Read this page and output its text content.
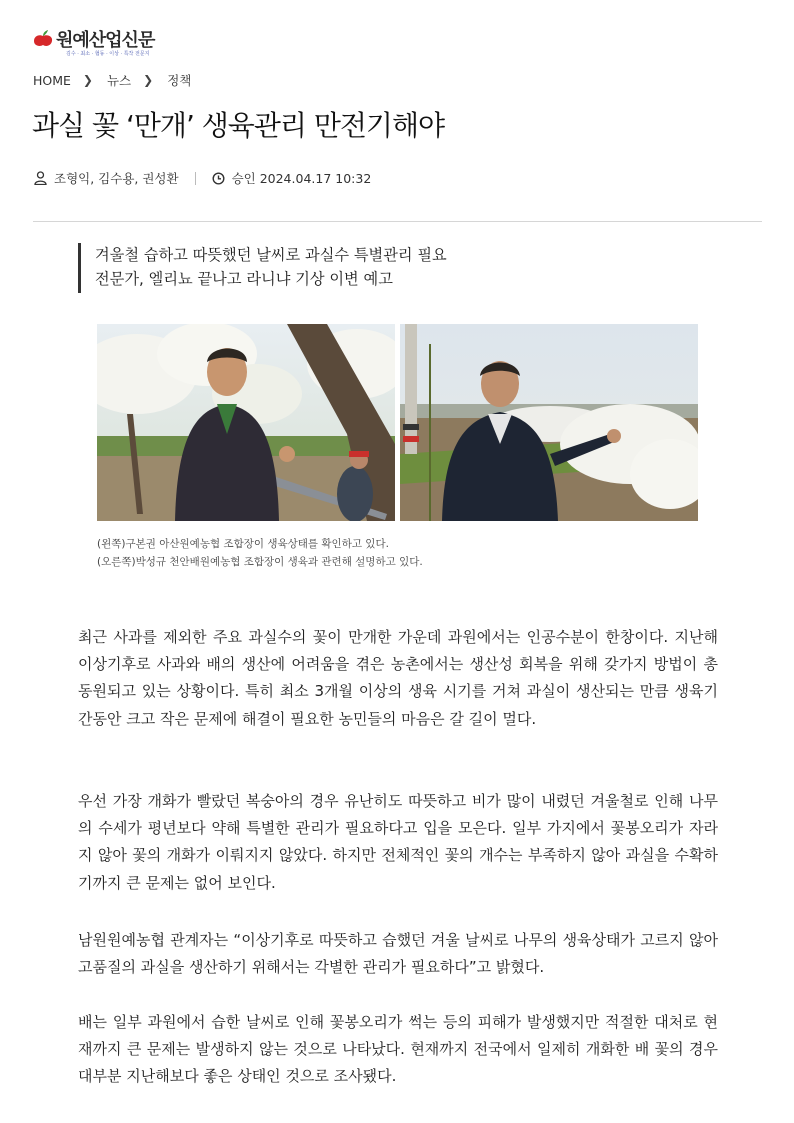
원예산업신문
김수 · 최소 · 협동 · 이상 · 특작 전문지
HOME ❯ 뉴스 ❯ 정책
과실 꽃 ‘만개’ 생육관리 만전기해야
조형익, 김수용, 권성환	승인 2024.04.17 10:32
겨울철 습하고 따뜻했던 날씨로 과실수 특별관리 필요
전문가, 엘리뇨 끝나고 라니냐 기상 이변 예고
(왼쪽)구본권 아산원예농협 조합장이 생육상태를 확인하고 있다.
(오른쪽)박성규 천안배원예농협 조합장이 생육과 관련해 설명하고 있다.

최근 사과를 제외한 주요 과실수의 꽃이 만개한 가운데 과원에서는 인공수분이 한창이다. 지난해 이상기후로 사과와 배의 생산에 어려움을 겪은 농촌에서는 생산성 회복을 위해 갖가지 방법이 총 동원되고 있는 상황이다. 특히 최소 3개월 이상의 생육 시기를 거쳐 과실이 생산되는 만큼 생육기간동안 크고 작은 문제에 해결이 필요한 농민들의 마음은 갈 길이 멀다.

우선 가장 개화가 빨랐던 복숭아의 경우 유난히도 따뜻하고 비가 많이 내렸던 겨울철로 인해 나무의 수세가 평년보다 약해 특별한 관리가 필요하다고 입을 모은다. 일부 가지에서 꽃봉오리가 자라지 않아 꽃의 개화가 이뤄지지 않았다. 하지만 전체적인 꽃의 개수는 부족하지 않아 과실을 수확하기까지 큰 문제는 없어 보인다.

남원원예농협 관계자는 “이상기후로 따뜻하고 습했던 겨울 날씨로 나무의 생육상태가 고르지 않아 고품질의 과실을 생산하기 위해서는 각별한 관리가 필요하다”고 밝혔다.

배는 일부 과원에서 습한 날씨로 인해 꽃봉오리가 썩는 등의 피해가 발생했지만 적절한 대처로 현재까지 큰 문제는 발생하지 않는 것으로 나타났다. 현재까지 전국에서 일제히 개화한 배 꽃의 경우 대부분 지난해보다 좋은 상태인 것으로 조사됐다.
